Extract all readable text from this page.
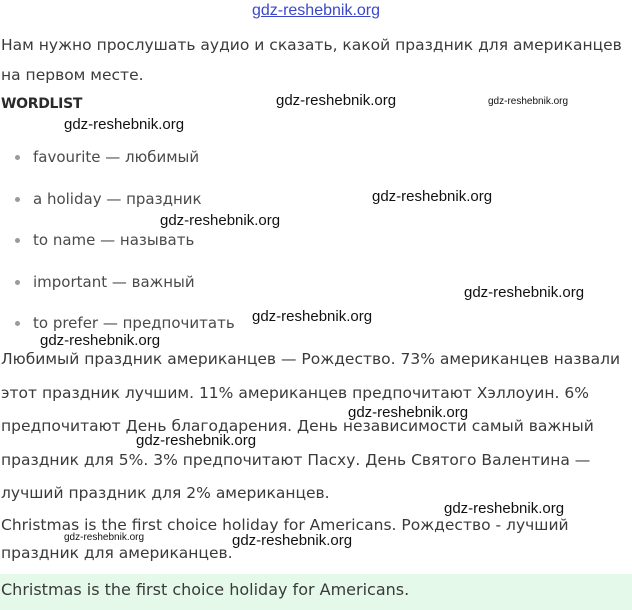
gdz-reshebnik.org
Нам нужно прослушать аудио и сказать, какой праздник для американцев на первом месте.
WORDLIST
favourite — любимый
a holiday — праздник
to name — называть
important — важный
to prefer — предпочитать
Любимый праздник американцев — Рождество. 73% американцев назвали этот праздник лучшим. 11% американцев предпочитают Хэллоуин. 6% предпочитают День благодарения. День независимости самый важный праздник для 5%. 3% предпочитают Пасху. День Святого Валентина — лучший праздник для 2% американцев.
Christmas is the first choice holiday for Americans. Рождество - лучший праздник для американцев.
Christmas is the first choice holiday for Americans.
gdz-reshebnik.org	gdz-reshebnik.org
gdz-reshebnik.org
gdz-reshebnik.org
gdz-reshebnik.org
gdz-reshebnik.org
gdz-reshebnik.org
gdz-reshebnik.org
gdz-reshebnik.org
gdz-reshebnik.org
gdz-reshebnik.org
gdz-reshebnik.org	gdz-reshebnik.org
